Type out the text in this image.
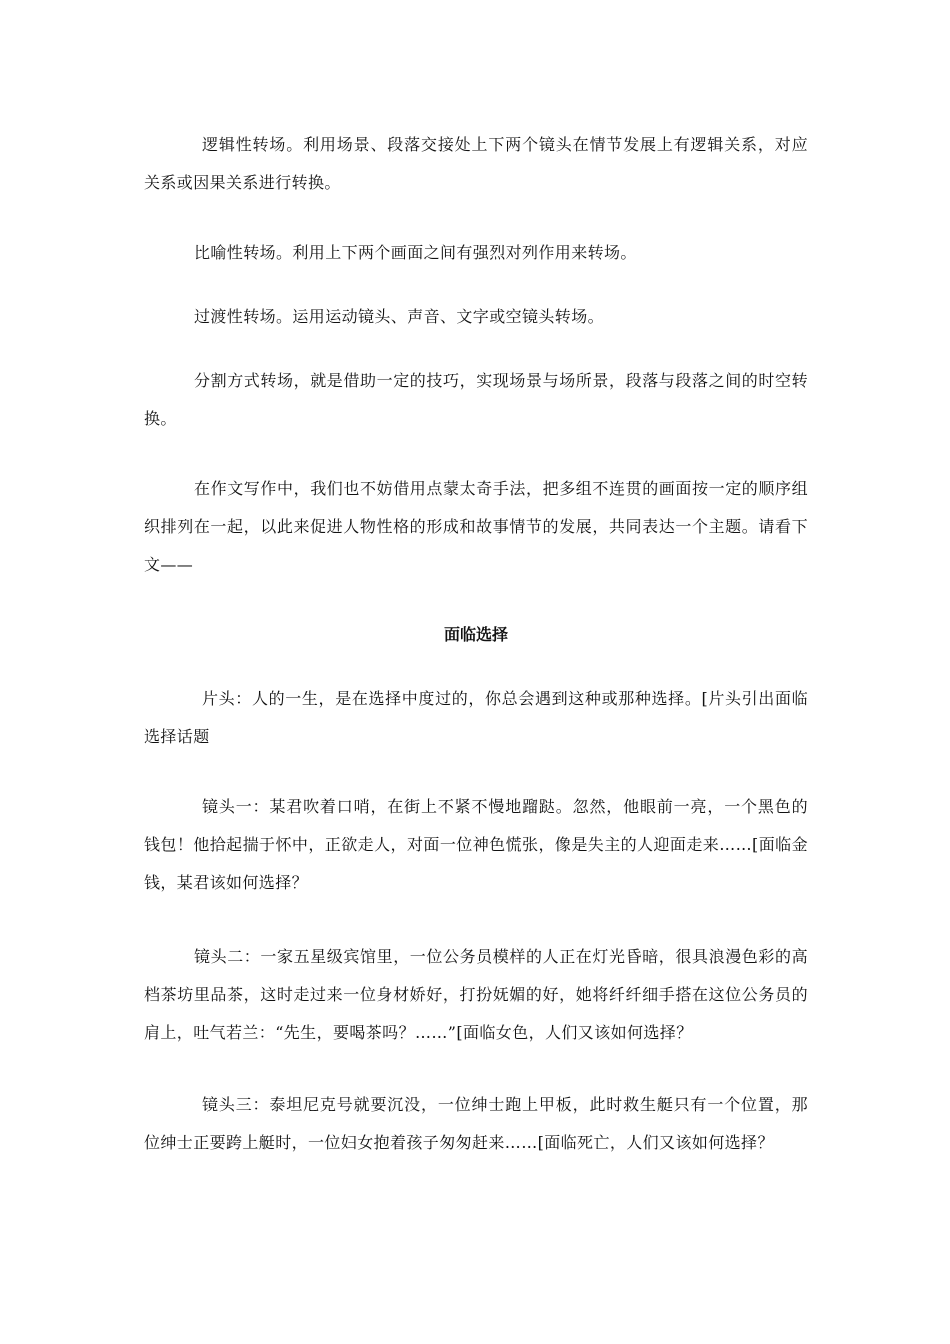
逻辑性转场。利用场景、段落交接处上下两个镜头在情节发展上有逻辑关系，对应关系或因果关系进行转换。

比喻性转场。利用上下两个画面之间有强烈对列作用来转场。

过渡性转场。运用运动镜头、声音、文字或空镜头转场。

分割方式转场，就是借助一定的技巧，实现场景与场所景，段落与段落之间的时空转换。

在作文写作中，我们也不妨借用点蒙太奇手法，把多组不连贯的画面按一定的顺序组织排列在一起，以此来促进人物性格的形成和故事情节的发展，共同表达一个主题。请看下文——

面临选择

片头：人的一生，是在选择中度过的，你总会遇到这种或那种选择。[片头引出面临选择话题

镜头一：某君吹着口哨，在街上不紧不慢地蹓跶。忽然，他眼前一亮，一个黑色的钱包！他拾起揣于怀中，正欲走人，对面一位神色慌张，像是失主的人迎面走来……[面临金钱，某君该如何选择？

镜头二：一家五星级宾馆里，一位公务员模样的人正在灯光昏暗，很具浪漫色彩的高档茶坊里品茶，这时走过来一位身材娇好，打扮妩媚的好，她将纤纤细手搭在这位公务员的肩上，吐气若兰：“先生，要喝茶吗？……”[面临女色，人们又该如何选择？

镜头三：泰坦尼克号就要沉没，一位绅士跑上甲板，此时救生艇只有一个位置，那位绅士正要跨上艇时，一位妇女抱着孩子匆匆赶来……[面临死亡，人们又该如何选择？
